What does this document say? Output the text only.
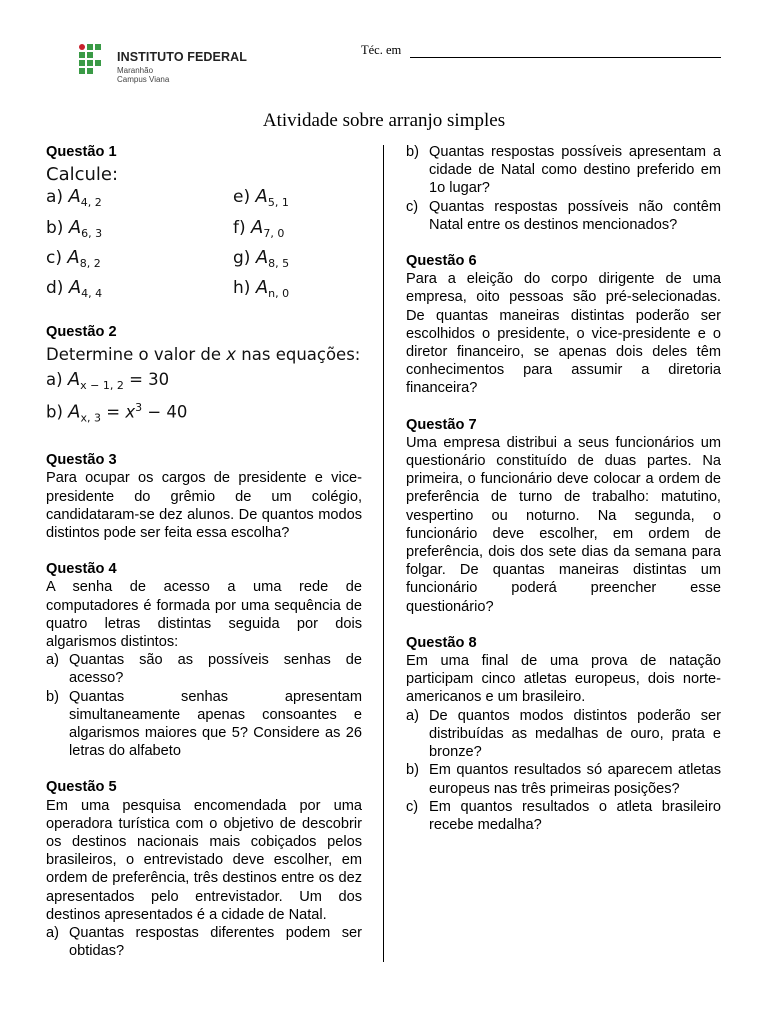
INSTITUTO FEDERAL
Maranhão
Campus Viana
Téc. em
Atividade sobre arranjo simples
Questão 1
Calcule:
a) $A_{4, 2}$	e) $A_{5, 1}$
b) $A_{6, 3}$	f) $A_{7, 0}$
c) $A_{8, 2}$	g) $A_{8, 5}$
d) $A_{4, 4}$	h) $A_{n, 0}$
Questão 2
Determine o valor de x nas equações:
a) $A_{x - 1, 2} = 30$
b) $A_{x, 3} = x^3 - 40$
Questão 3
Para ocupar os cargos de presidente e vice-presidente do grêmio de um colégio, candidataram-se dez alunos. De quantos modos distintos pode ser feita essa escolha?
Questão 4
A senha de acesso a uma rede de computadores é formada por uma sequência de quatro letras distintas seguida por dois algarismos distintos:
a) Quantas são as possíveis senhas de acesso?
b) Quantas senhas apresentam simultaneamente apenas consoantes e algarismos maiores que 5? Considere as 26 letras do alfabeto
Questão 5
Em uma pesquisa encomendada por uma operadora turística com o objetivo de descobrir os destinos nacionais mais cobiçados pelos brasileiros, o entrevistado deve escolher, em ordem de preferência, três destinos entre os dez apresentados pelo entrevistador. Um dos destinos apresentados é a cidade de Natal.
a) Quantas respostas diferentes podem ser obtidas?
b) Quantas respostas possíveis apresentam a cidade de Natal como destino preferido em 1o lugar?
c) Quantas respostas possíveis não contêm Natal entre os destinos mencionados?
Questão 6
Para a eleição do corpo dirigente de uma empresa, oito pessoas são pré-selecionadas. De quantas maneiras distintas poderão ser escolhidos o presidente, o vice-presidente e o diretor financeiro, se apenas dois deles têm conhecimentos para assumir a diretoria financeira?
Questão 7
Uma empresa distribui a seus funcionários um questionário constituído de duas partes. Na primeira, o funcionário deve colocar a ordem de preferência de turno de trabalho: matutino, vespertino ou noturno. Na segunda, o funcionário deve escolher, em ordem de preferência, dois dos sete dias da semana para folgar. De quantas maneiras distintas um funcionário poderá preencher esse questionário?
Questão 8
Em uma final de uma prova de natação participam cinco atletas europeus, dois norte-americanos e um brasileiro.
a) De quantos modos distintos poderão ser distribuídas as medalhas de ouro, prata e bronze?
b) Em quantos resultados só aparecem atletas europeus nas três primeiras posições?
c) Em quantos resultados o atleta brasileiro recebe medalha?
